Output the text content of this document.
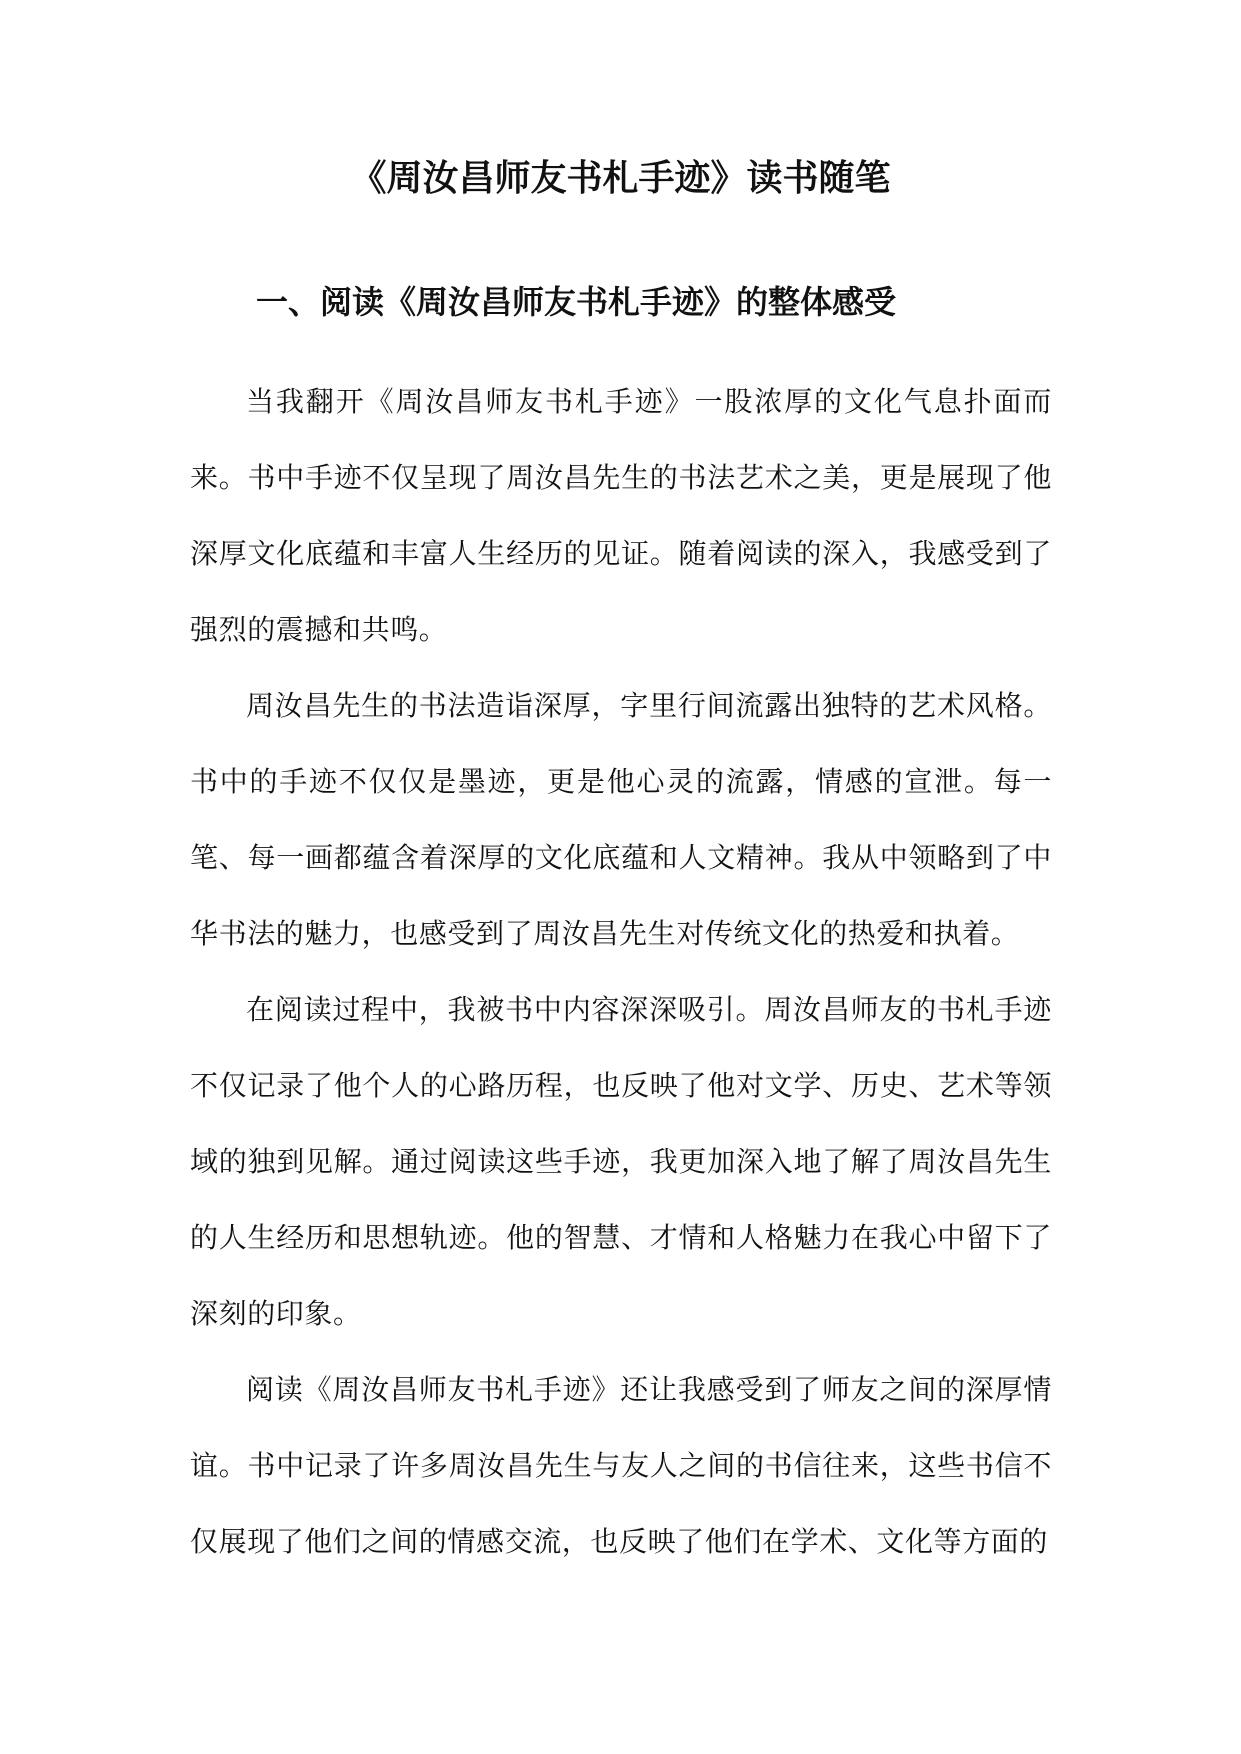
《周汝昌师友书札手迹》读书随笔
一、阅读《周汝昌师友书札手迹》的整体感受

当我翻开《周汝昌师友书札手迹》一股浓厚的文化气息扑面而来。书中手迹不仅呈现了周汝昌先生的书法艺术之美，更是展现了他深厚文化底蕴和丰富人生经历的见证。随着阅读的深入，我感受到了强烈的震撼和共鸣。

周汝昌先生的书法造诣深厚，字里行间流露出独特的艺术风格。书中的手迹不仅仅是墨迹，更是他心灵的流露，情感的宣泄。每一笔、每一画都蕴含着深厚的文化底蕴和人文精神。我从中领略到了中华书法的魅力，也感受到了周汝昌先生对传统文化的热爱和执着。

在阅读过程中，我被书中内容深深吸引。周汝昌师友的书札手迹不仅记录了他个人的心路历程，也反映了他对文学、历史、艺术等领域的独到见解。通过阅读这些手迹，我更加深入地了解了周汝昌先生的人生经历和思想轨迹。他的智慧、才情和人格魅力在我心中留下了深刻的印象。

阅读《周汝昌师友书札手迹》还让我感受到了师友之间的深厚情谊。书中记录了许多周汝昌先生与友人之间的书信往来，这些书信不仅展现了他们之间的情感交流，也反映了他们在学术、文化等方面的
